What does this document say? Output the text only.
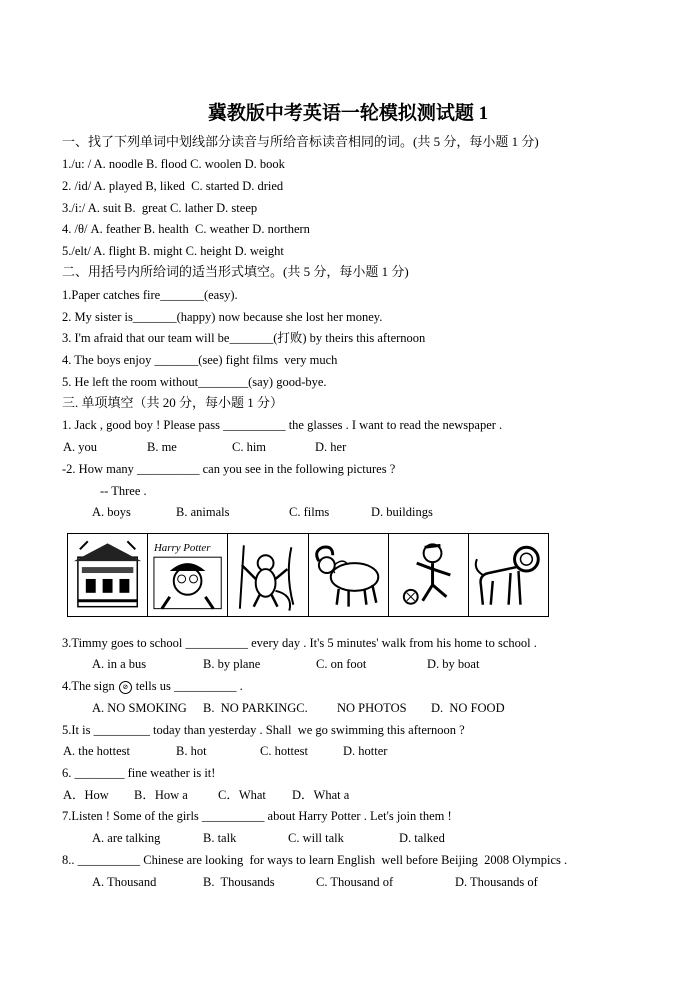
冀教版中考英语一轮模拟测试题 1
一、找了下列单词中划线部分读音与所给音标读音相同的词。(共 5 分，每小题 1 分)
1./u: / A. noodle B. flood C. woolen D. book
2. /id/ A. played B, liked  C. started D. dried
3./i:/ A. suit B.  great C. lather D. steep
4. /θ/ A. feather B. health  C. weather D. northern
5./elt/ A. flight B. might C. height D. weight
二、用括号内所给词的适当形式填空。(共 5 分，每小题 1 分)
1.Paper catches fire_______(easy).
2. My sister is_______(happy) now because she lost her money.
3. I'm afraid that our team will be_______(打败) by theirs this afternoon
4. The boys enjoy _______(see) fight films  very much
5. He left the room without________(say) good-bye.
三. 单项填空（共 20 分，每小题 1 分）
1. Jack , good boy ! Please pass __________ the glasses . I want to read the newspaper .

A. you

	B. me

	C. him

	D. her

-2. How many __________ can you see in the following pictures ?
-- Three .

A. boys

	B. animals

	C. films

	D. buildings

Harry Potter
3.Timmy goes to school __________ every day . It's 5 minutes' walk from his home to school .

A. in a bus

	B. by plane

	C. on foot

	D. by boat

4.The sign ⊘ tells us __________ .

A. NO SMOKING

B.  NO PARKINGC.

NO PHOTOS

D.  NO FOOD

5.It is _________ today than yesterday . Shall  we go swimming this afternoon ?

A. the hottest

	B. hot

	C. hottest

	D. hotter

6. ________ fine weather is it!

A．How

B．How a

C．What

D．What a

7.Listen ! Some of the girls __________ about Harry Potter . Let's join them !

A. are talking

	B. talk

	C. will talk

	D. talked

8.. __________ Chinese are looking  for ways to learn English  well before Beijing  2008 Olympics .

A. Thousand

	B.  Thousands

	C. Thousand of

	D. Thousands of
